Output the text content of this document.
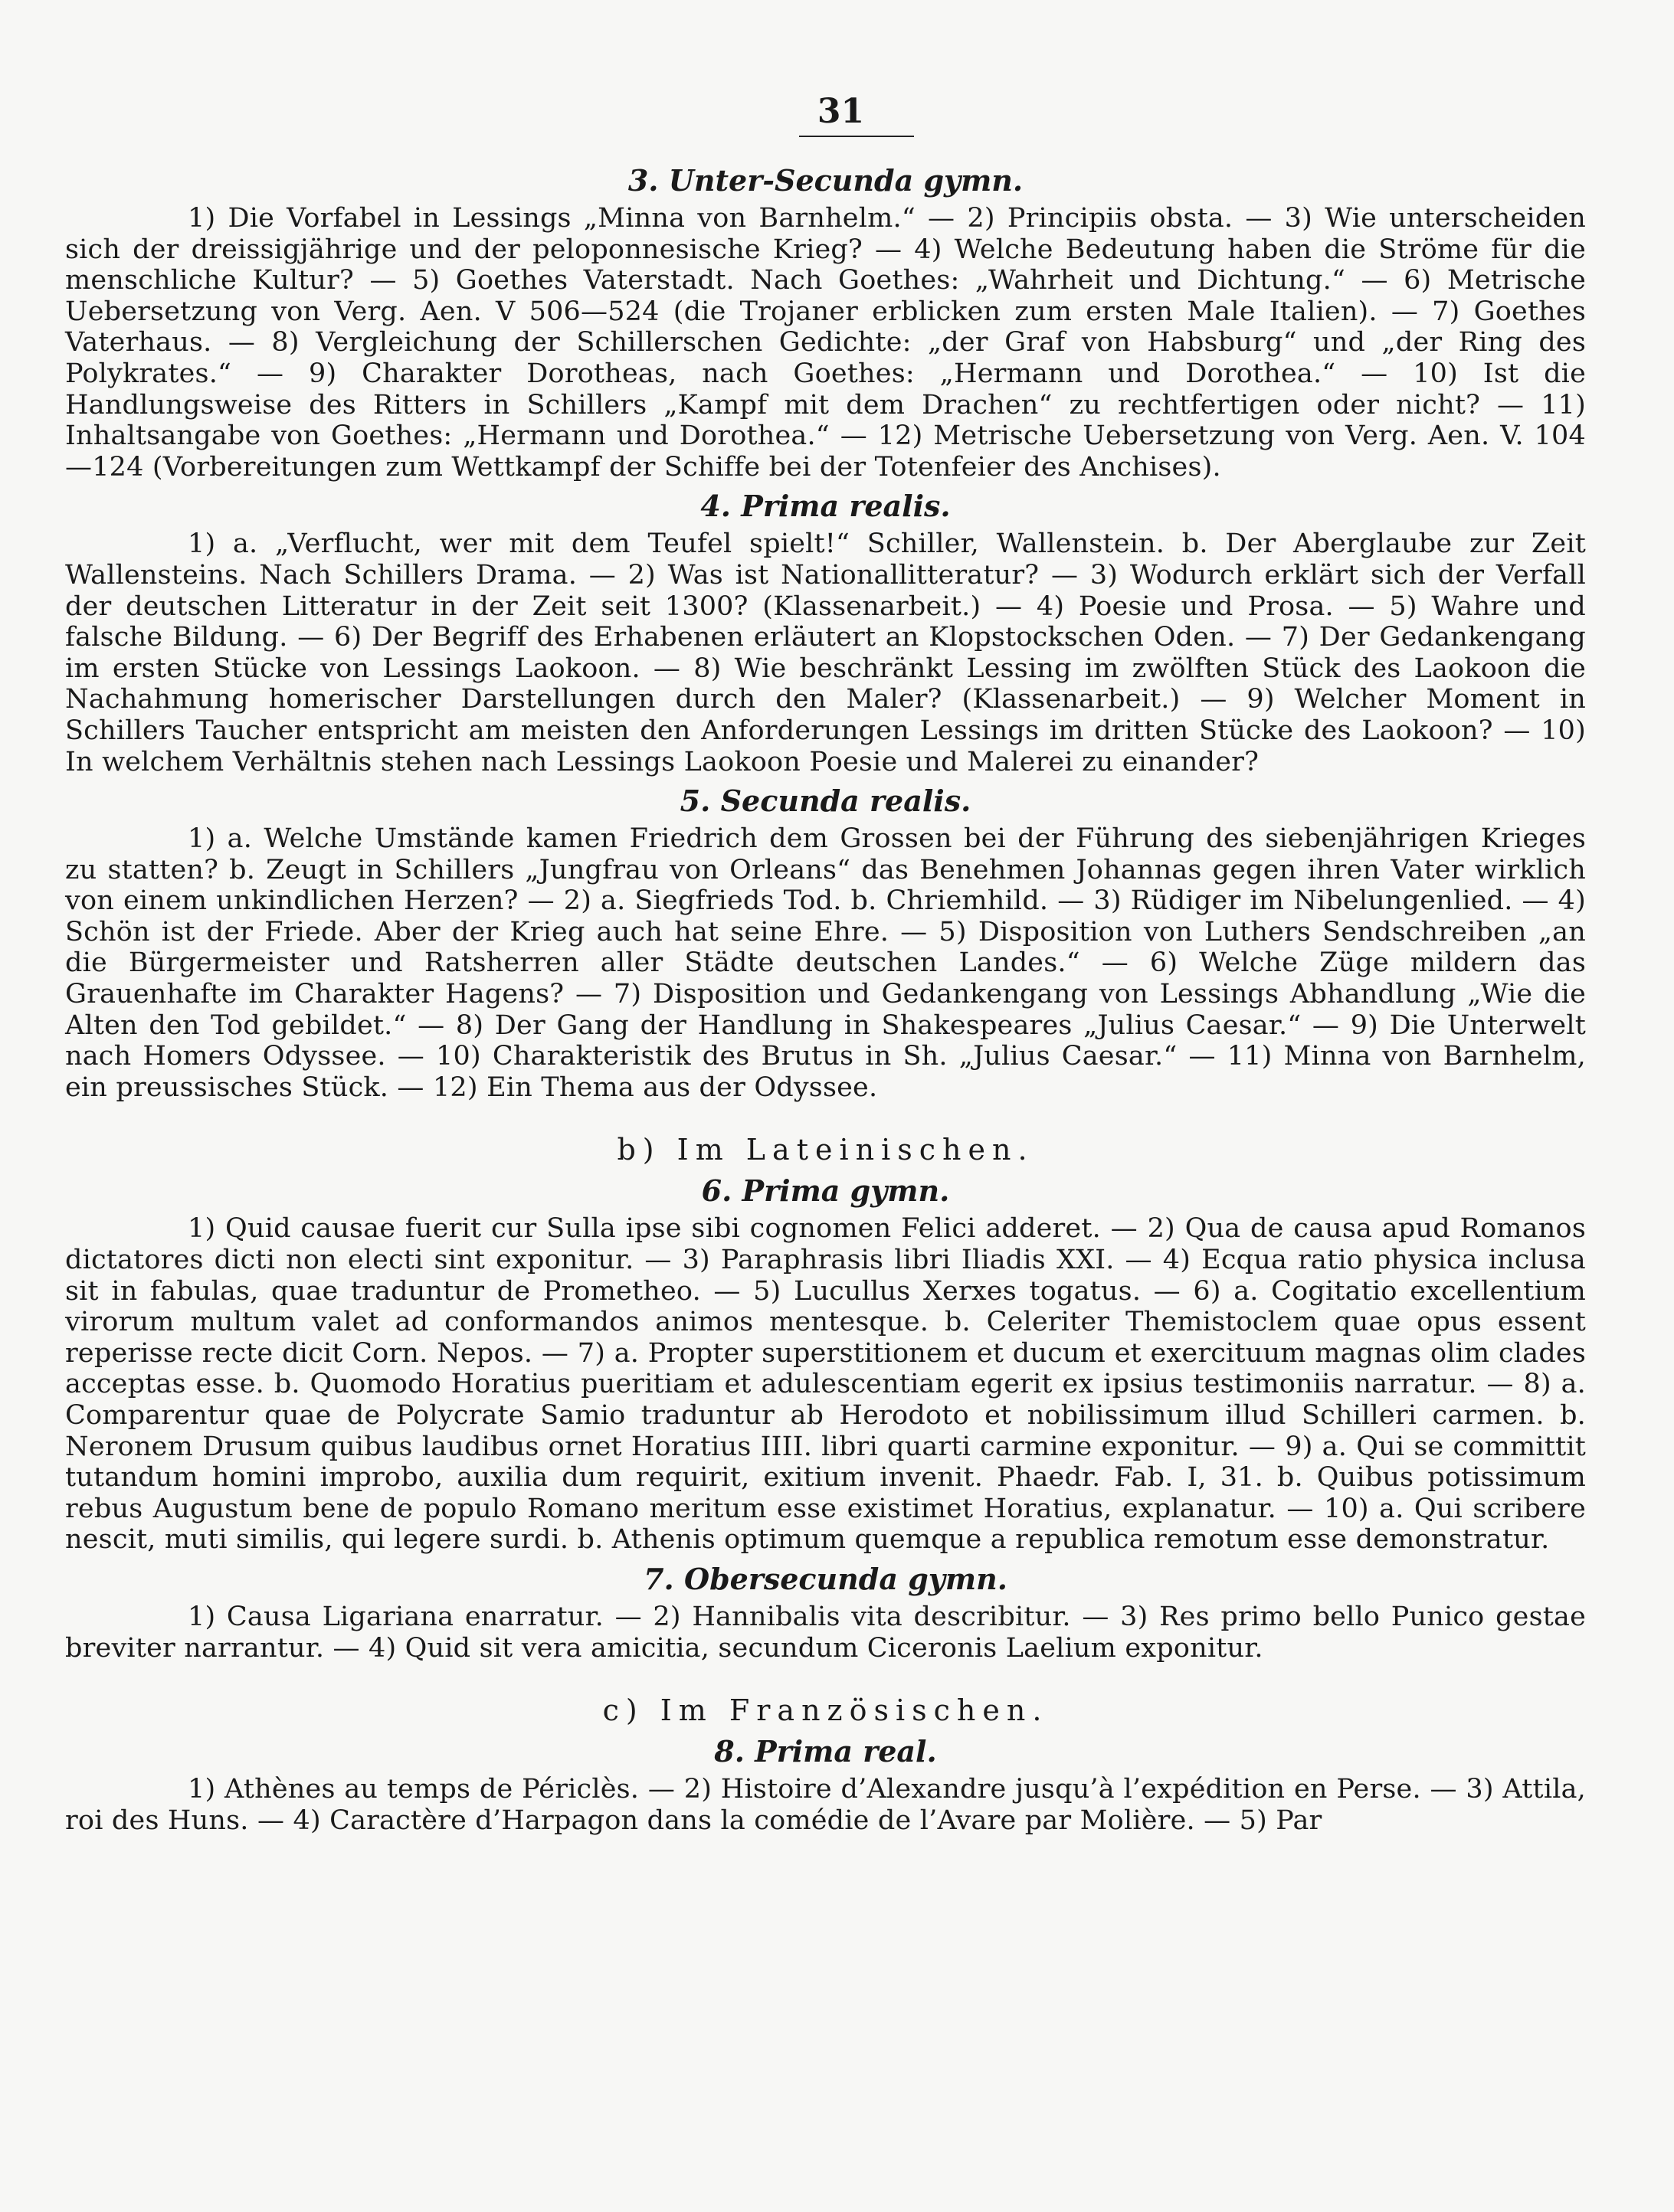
31
3. Unter-Secunda gymn.

1) Die Vorfabel in Lessings „Minna von Barnhelm.“ — 2) Principiis obsta. — 3) Wie unterscheiden sich der dreissigjährige und der peloponnesische Krieg? — 4) Welche Bedeutung haben die Ströme für die menschliche Kultur? — 5) Goethes Vaterstadt. Nach Goethes: „Wahrheit und Dichtung.“ — 6) Metrische Uebersetzung von Verg. Aen. V 506—524 (die Trojaner erblicken zum ersten Male Italien). — 7) Goethes Vaterhaus. — 8) Vergleichung der Schillerschen Gedichte: „der Graf von Habsburg“ und „der Ring des Polykrates.“ — 9) Charakter Dorotheas, nach Goethes: „Hermann und Dorothea.“ — 10) Ist die Handlungsweise des Ritters in Schillers „Kampf mit dem Drachen“ zu rechtfertigen oder nicht? — 11) Inhaltsangabe von Goethes: „Hermann und Dorothea.“ — 12) Metrische Uebersetzung von Verg. Aen. V. 104—124 (Vorbereitungen zum Wettkampf der Schiffe bei der Totenfeier des Anchises).

4. Prima realis.

1) a. „Verflucht, wer mit dem Teufel spielt!“ Schiller, Wallenstein. b. Der Aberglaube zur Zeit Wallensteins. Nach Schillers Drama. — 2) Was ist Nationallitteratur? — 3) Wodurch erklärt sich der Verfall der deutschen Litteratur in der Zeit seit 1300? (Klassenarbeit.) — 4) Poesie und Prosa. — 5) Wahre und falsche Bildung. — 6) Der Begriff des Erhabenen erläutert an Klopstockschen Oden. — 7) Der Gedankengang im ersten Stücke von Lessings Laokoon. — 8) Wie beschränkt Lessing im zwölften Stück des Laokoon die Nachahmung homerischer Darstellungen durch den Maler? (Klassenarbeit.) — 9) Welcher Moment in Schillers Taucher entspricht am meisten den Anforderungen Lessings im dritten Stücke des Laokoon? — 10) In welchem Verhältnis stehen nach Lessings Laokoon Poesie und Malerei zu einander?

5. Secunda realis.

1) a. Welche Umstände kamen Friedrich dem Grossen bei der Führung des siebenjährigen Krieges zu statten? b. Zeugt in Schillers „Jungfrau von Orleans“ das Benehmen Johannas gegen ihren Vater wirklich von einem unkindlichen Herzen? — 2) a. Siegfrieds Tod. b. Chriemhild. — 3) Rüdiger im Nibelungenlied. — 4) Schön ist der Friede. Aber der Krieg auch hat seine Ehre. — 5) Disposition von Luthers Sendschreiben „an die Bürgermeister und Ratsherren aller Städte deutschen Landes.“ — 6) Welche Züge mildern das Grauenhafte im Charakter Hagens? — 7) Disposition und Gedankengang von Lessings Abhandlung „Wie die Alten den Tod gebildet.“ — 8) Der Gang der Handlung in Shakespeares „Julius Caesar.“ — 9) Die Unterwelt nach Homers Odyssee. — 10) Charakteristik des Brutus in Sh. „Julius Caesar.“ — 11) Minna von Barnhelm, ein preussisches Stück. — 12) Ein Thema aus der Odyssee.

b) Im Lateinischen.
6. Prima gymn.

1) Quid causae fuerit cur Sulla ipse sibi cognomen Felici adderet. — 2) Qua de causa apud Romanos dictatores dicti non electi sint exponitur. — 3) Paraphrasis libri Iliadis XXI. — 4) Ecqua ratio physica inclusa sit in fabulas, quae traduntur de Prometheo. — 5) Lucullus Xerxes togatus. — 6) a. Cogitatio excellentium virorum multum valet ad conformandos animos mentesque. b. Celeriter Themistoclem quae opus essent reperisse recte dicit Corn. Nepos. — 7) a. Propter superstitionem et ducum et exercituum magnas olim clades acceptas esse. b. Quomodo Horatius pueritiam et adulescentiam egerit ex ipsius testimoniis narratur. — 8) a. Comparentur quae de Polycrate Samio traduntur ab Herodoto et nobilissimum illud Schilleri carmen. b. Neronem Drusum quibus laudibus ornet Horatius IIII. libri quarti carmine exponitur. — 9) a. Qui se committit tutandum homini improbo, auxilia dum requirit, exitium invenit. Phaedr. Fab. I, 31. b. Quibus potissimum rebus Augustum bene de populo Romano meritum esse existimet Horatius, explanatur. — 10) a. Qui scribere nescit, muti similis, qui legere surdi. b. Athenis optimum quemque a republica remotum esse demonstratur.

7. Obersecunda gymn.

1) Causa Ligariana enarratur. — 2) Hannibalis vita describitur. — 3) Res primo bello Punico gestae breviter narrantur. — 4) Quid sit vera amicitia, secundum Ciceronis Laelium exponitur.

c) Im Französischen.
8. Prima real.

1) Athènes au temps de Périclès. — 2) Histoire d’Alexandre jusqu’à l’expédition en Perse. — 3) Attila, roi des Huns. — 4) Caractère d’Harpagon dans la comédie de l’Avare par Molière. — 5) Par
